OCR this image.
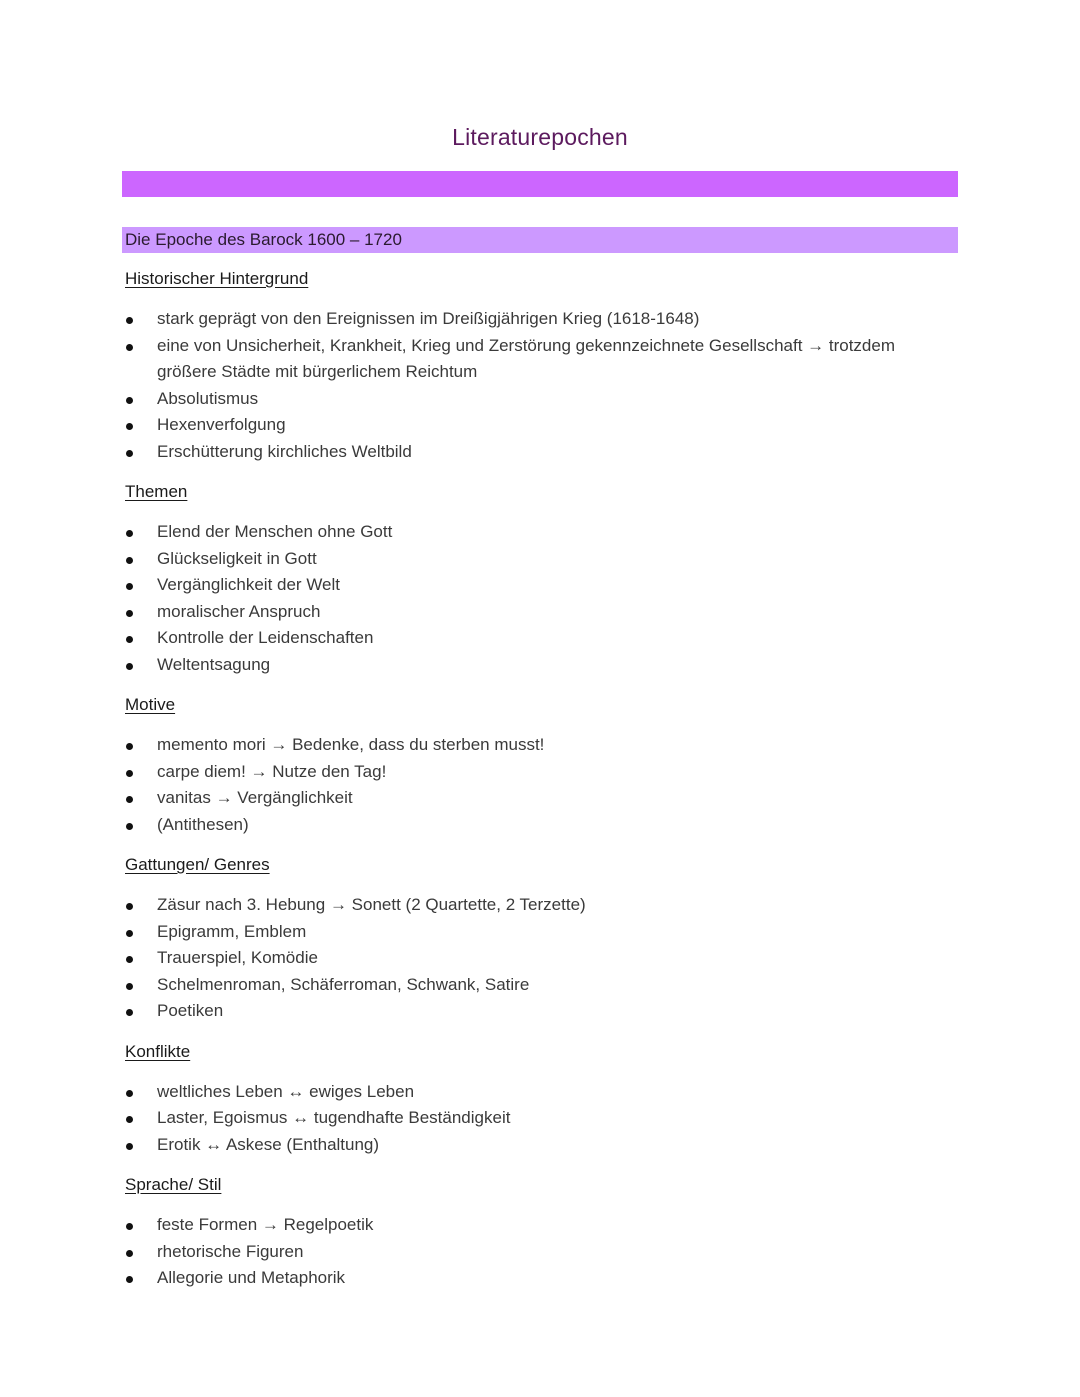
Literaturepochen
Die Epoche des Barock 1600 – 1720
Historischer Hintergrund
stark geprägt von den Ereignissen im Dreißigjährigen Krieg (1618-1648)
eine von Unsicherheit, Krankheit, Krieg und Zerstörung gekennzeichnete Gesellschaft → trotzdem größere Städte mit bürgerlichem Reichtum
Absolutismus
Hexenverfolgung
Erschütterung kirchliches Weltbild
Themen
Elend der Menschen ohne Gott
Glückseligkeit in Gott
Vergänglichkeit der Welt
moralischer Anspruch
Kontrolle der Leidenschaften
Weltentsagung
Motive
memento mori → Bedenke, dass du sterben musst!
carpe diem! → Nutze den Tag!
vanitas → Vergänglichkeit
(Antithesen)
Gattungen/ Genres
Zäsur nach 3. Hebung → Sonett (2 Quartette, 2 Terzette)
Epigramm, Emblem
Trauerspiel, Komödie
Schelmenroman, Schäferroman, Schwank, Satire
Poetiken
Konflikte
weltliches Leben ↔ ewiges Leben
Laster, Egoismus ↔ tugendhafte Beständigkeit
Erotik ↔ Askese (Enthaltung)
Sprache/ Stil
feste Formen → Regelpoetik
rhetorische Figuren
Allegorie und Metaphorik
